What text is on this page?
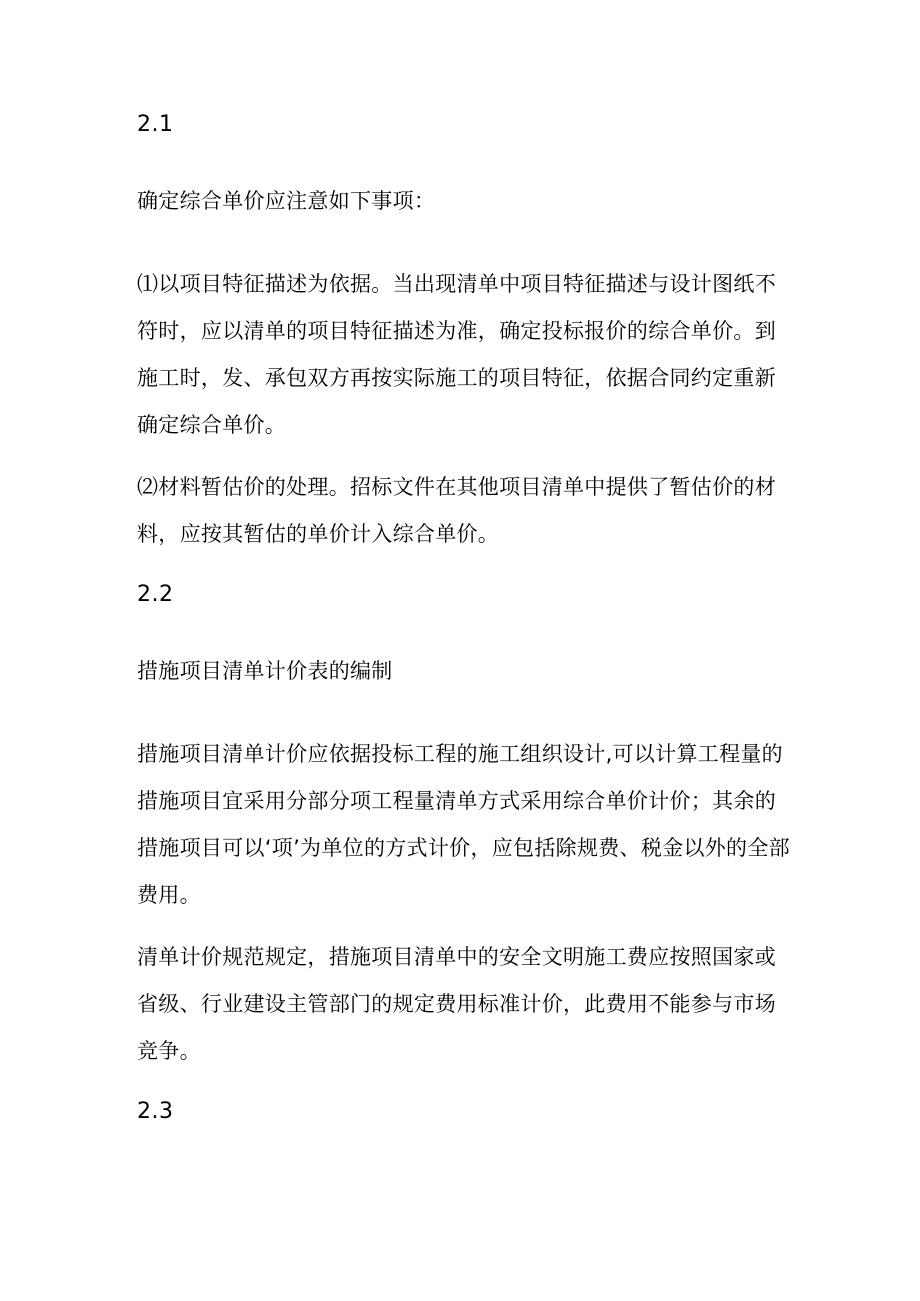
2.1

确定综合单价应注意如下事项：

⑴以项目特征描述为依据。当出现清单中项目特征描述与设计图纸不符时，应以清单的项目特征描述为准，确定投标报价的综合单价。到施工时，发、承包双方再按实际施工的项目特征，依据合同约定重新确定综合单价。

⑵材料暂估价的处理。招标文件在其他项目清单中提供了暂估价的材料，应按其暂估的单价计入综合单价。

2.2

措施项目清单计价表的编制

措施项目清单计价应依据投标工程的施工组织设计,可以计算工程量的措施项目宜采用分部分项工程量清单方式采用综合单价计价；其余的措施项目可以‘项’为单位的方式计价，应包括除规费、税金以外的全部费用。

清单计价规范规定，措施项目清单中的安全文明施工费应按照国家或省级、行业建设主管部门的规定费用标准计价，此费用不能参与市场竞争。

2.3
